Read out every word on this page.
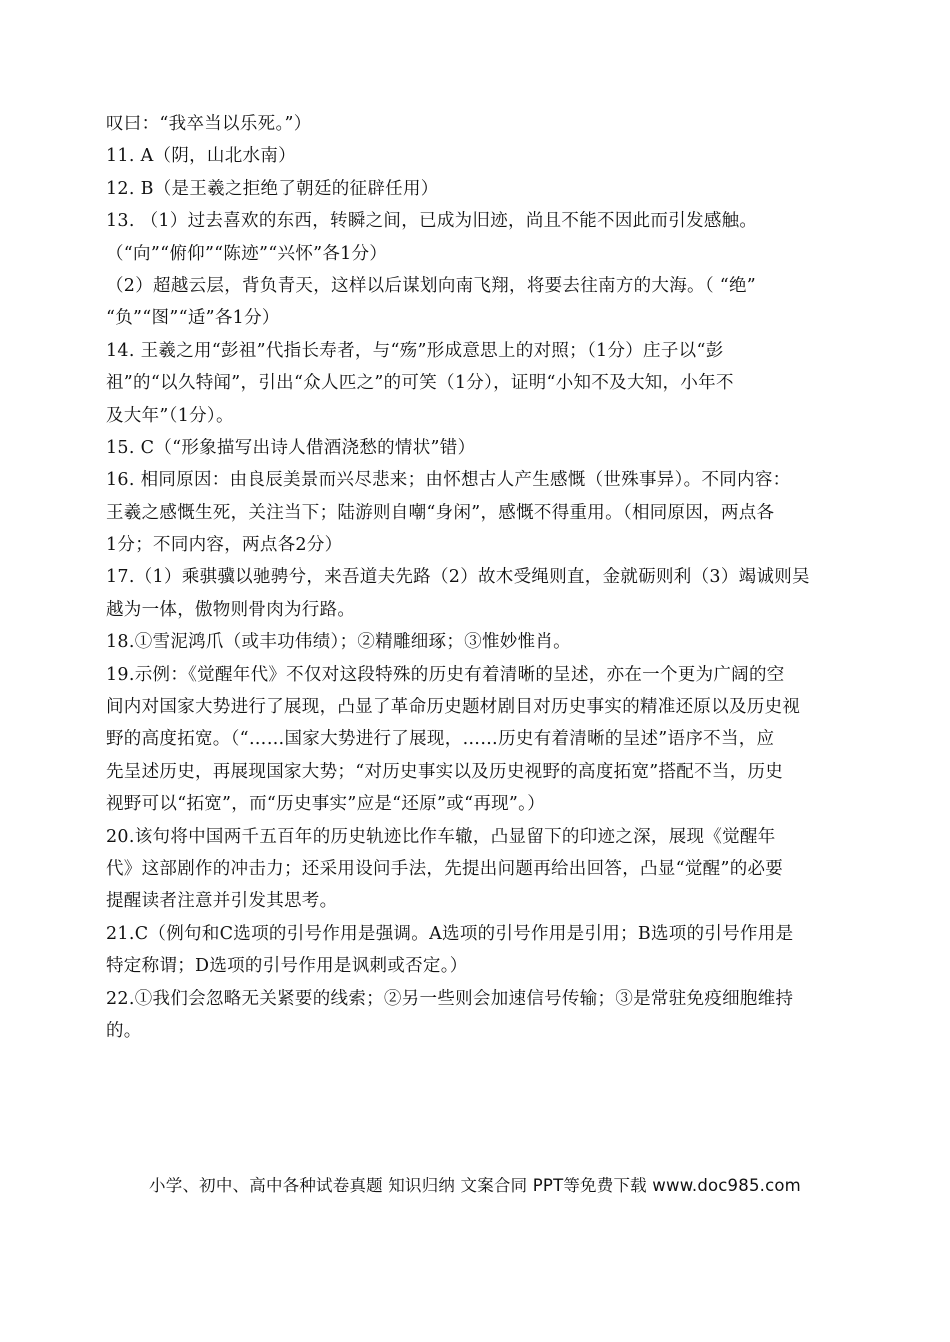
叹曰：“我卒当以乐死。”）
11. A（阴，山北水南）
12. B（是王羲之拒绝了朝廷的征辟任用）
13. （1）过去喜欢的东西，转瞬之间，已成为旧迹，尚且不能不因此而引发感触。
（“向”“俯仰”“陈迹”“兴怀”各1分）
（2）超越云层，背负青天，这样以后谋划向南飞翔，将要去往南方的大海。（ “绝”
“负”“图”“适”各1分）
14. 王羲之用“彭祖”代指长寿者，与“殇”形成意思上的对照；（1分）庄子以“彭
祖”的“以久特闻”，引出“众人匹之”的可笑（1分），证明“小知不及大知，小年不
及大年”（1分）。
15. C（“形象描写出诗人借酒浇愁的情状”错）
16. 相同原因：由良辰美景而兴尽悲来；由怀想古人产生感慨（世殊事异）。不同内容：
王羲之感慨生死，关注当下；陆游则自嘲“身闲”，感慨不得重用。（相同原因，两点各
1分；不同内容，两点各2分）
17.（1）乘骐骥以驰骋兮，来吾道夫先路（2）故木受绳则直，金就砺则利（3）竭诚则吴
越为一体，傲物则骨肉为行路。
18.①雪泥鸿爪（或丰功伟绩）；②精雕细琢；③惟妙惟肖。
19.示例：《觉醒年代》不仅对这段特殊的历史有着清晰的呈述，亦在一个更为广阔的空
间内对国家大势进行了展现，凸显了革命历史题材剧目对历史事实的精准还原以及历史视
野的高度拓宽。（“……国家大势进行了展现，……历史有着清晰的呈述”语序不当，应
先呈述历史，再展现国家大势；“对历史事实以及历史视野的高度拓宽”搭配不当，历史
视野可以“拓宽”，而“历史事实”应是“还原”或“再现”。）
20.该句将中国两千五百年的历史轨迹比作车辙，凸显留下的印迹之深，展现《觉醒年
代》这部剧作的冲击力；还采用设问手法，先提出问题再给出回答，凸显“觉醒”的必要
提醒读者注意并引发其思考。
21.C（例句和C选项的引号作用是强调。A选项的引号作用是引用；B选项的引号作用是
特定称谓；D选项的引号作用是讽刺或否定。）
22.①我们会忽略无关紧要的线索；②另一些则会加速信号传输；③是常驻免疫细胞维持
的。
小学、初中、高中各种试卷真题 知识归纳 文案合同 PPT等免费下载 www.doc985.com
